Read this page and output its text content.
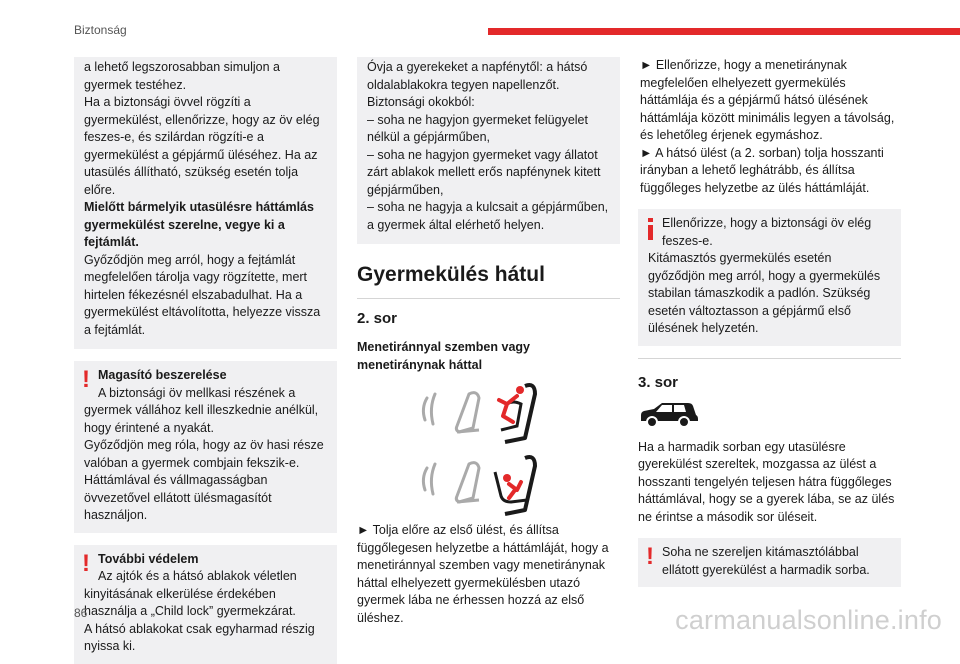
Biztonság

a lehető legszorosabban simuljon a gyermek testéhez.

Ha a biztonsági övvel rögzíti a gyermekülést, ellenőrizze, hogy az öv elég feszes-e, és szilárdan rögzíti-e a gyermekülést a gépjármű üléséhez. Ha az utasülés állítható, szükség esetén tolja előre.

Mielőtt bármelyik utasülésre háttámlás gyermekülést szerelne, vegye ki a fejtámlát.

Győződjön meg arról, hogy a fejtámlát megfelelően tárolja vagy rögzítette, mert hirtelen fékezésnél elszabadulhat. Ha a gyermekülést eltávolította, helyezze vissza a fejtámlát.

! Magasító beszerelése

A biztonsági öv mellkasi részének a

gyermek vállához kell illeszkednie anélkül, hogy érintené a nyakát.

Győződjön meg róla, hogy az öv hasi része valóban a gyermek combjain fekszik-e.

Háttámlával és vállmagasságban övvezetővel ellátott ülésmagasítót használjon.

! További védelem

Az ajtók és a hátsó ablakok véletlen

kinyitásának elkerülése érdekében használja a „Child lock” gyermekzárat.

A hátsó ablakokat csak egyharmad részig nyissa ki.

Óvja a gyerekeket a napfénytől: a hátsó oldalablakokra tegyen napellenzőt.

Biztonsági okokból:

– soha ne hagyjon gyermeket felügyelet nélkül a gépjárműben,

– soha ne hagyjon gyermeket vagy állatot zárt ablakok mellett erős napfénynek kitett gépjárműben,

– soha ne hagyja a kulcsait a gépjárműben, a gyermek által elérhető helyen.

Gyermekülés hátul
2. sor

Menetiránnyal szemben vagy menetiránynak háttal

► Tolja előre az első ülést, és állítsa függőlegesen helyzetbe a háttámláját, hogy a menetiránnyal szemben vagy menetiránynak háttal elhelyezett gyermekülésben utazó gyermek lába ne érhessen hozzá az első üléshez.

► Ellenőrizze, hogy a menetiránynak megfelelően elhelyezett gyermekülés háttámlája és a gépjármű hátsó ülésének háttámlája között minimális legyen a távolság, és lehetőleg érjenek egymáshoz.

► A hátsó ülést (a 2. sorban) tolja hosszanti irányban a lehető leghátrább, és állítsa függőleges helyzetbe az ülés háttámláját.

Ellenőrizze, hogy a biztonsági öv elég feszes-e.

Kitámasztós gyermekülés esetén győződjön meg arról, hogy a gyermekülés stabilan támaszkodik a padlón. Szükség esetén változtasson a gépjármű első ülésének helyzetén.

3. sor

Ha a harmadik sorban egy utasülésre gyerekülést szereltek, mozgassa az ülést a hosszanti tengelyén teljesen hátra függőleges háttámlával, hogy se a gyerek lába, se az ülés ne érintse a második sor üléseit.

! Soha ne szereljen kitámasztólábbal ellátott gyerekülést a harmadik sorba.

86	carmanualsonline.info
